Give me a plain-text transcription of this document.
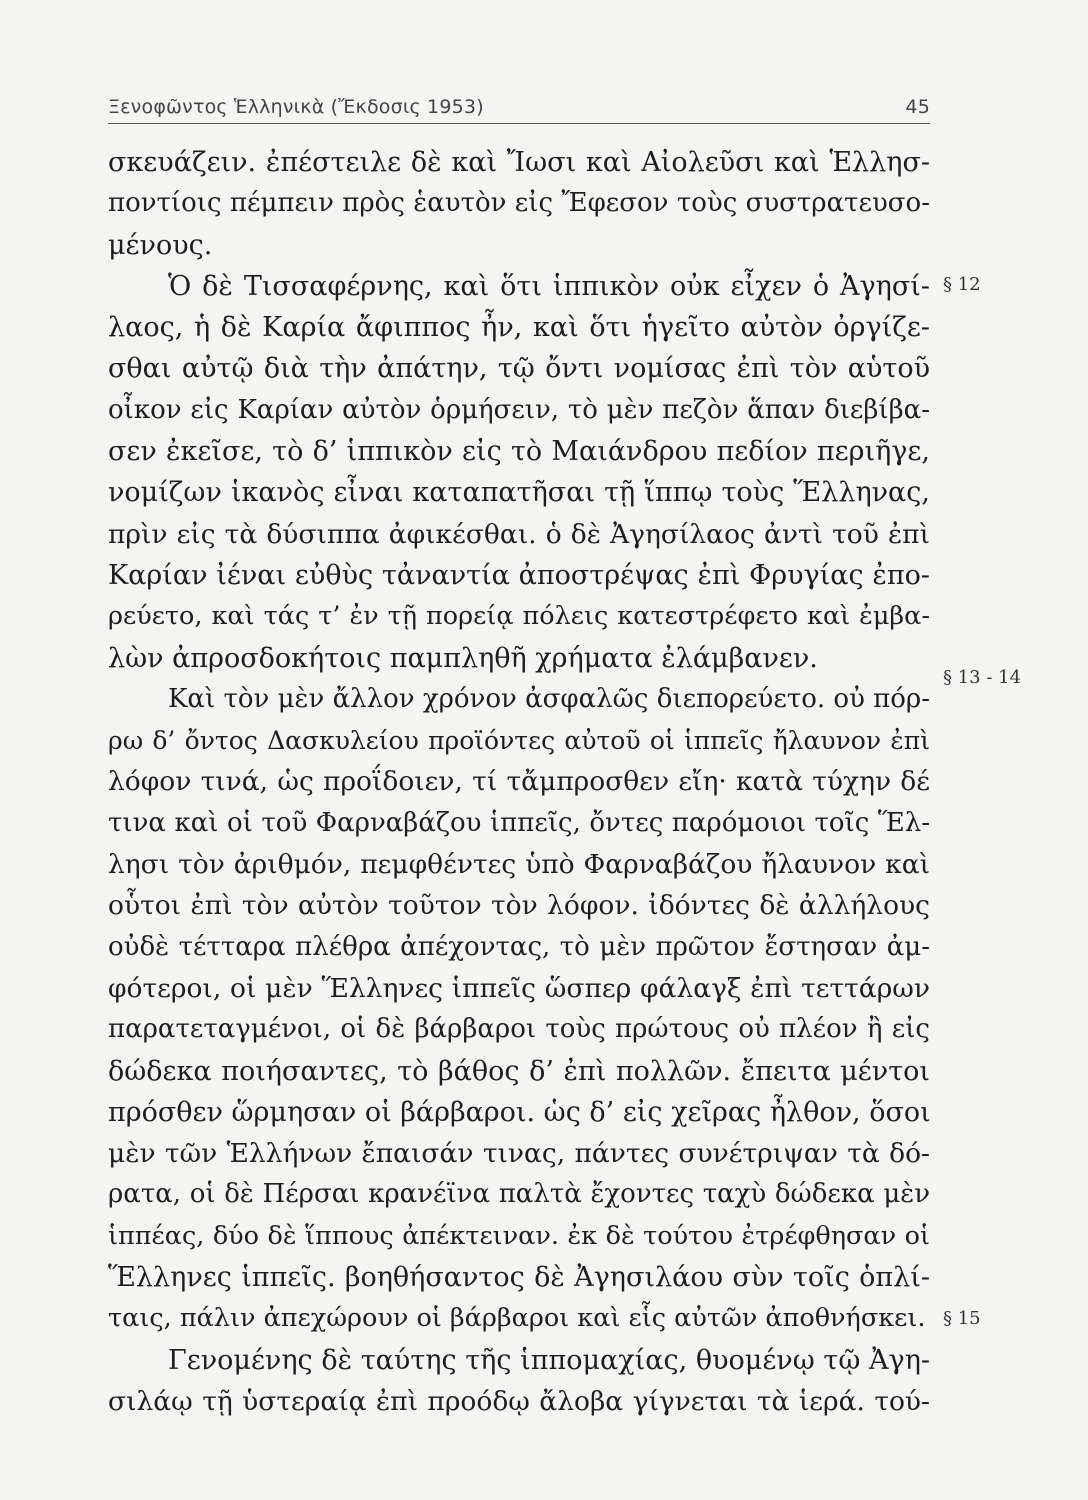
Ξενοφῶντος Ἑλληνικὰ (Ἔκδοσις 1953)	45
σκευάζειν. ἐπέστειλε δὲ καὶ Ἴωσι καὶ Αἰολεῦσι καὶ Ἑλλησ-
ποντίοις πέμπειν πρὸς ἑαυτὸν εἰς Ἔφεσον τοὺς συστρατευσο-
μένους.
Ὁ δὲ Τισσαφέρνης, καὶ ὅτι ἱππικὸν οὐκ εἶχεν ὁ Ἀγησί-
λαος, ἡ δὲ Καρία ἄφιππος ἦν, καὶ ὅτι ἡγεῖτο αὐτὸν ὀργίζε-
σθαι αὐτῷ διὰ τὴν ἀπάτην, τῷ ὄντι νομίσας ἐπὶ τὸν αὑτοῦ
οἶκον εἰς Καρίαν αὐτὸν ὁρμήσειν, τὸ μὲν πεζὸν ἅπαν διεβίβα-
σεν ἐκεῖσε, τὸ δ’ ἱππικὸν εἰς τὸ Μαιάνδρου πεδίον περιῆγε,
νομίζων ἱκανὸς εἶναι καταπατῆσαι τῇ ἵππῳ τοὺς Ἕλληνας,
πρὶν εἰς τὰ δύσιππα ἀφικέσθαι. ὁ δὲ Ἀγησίλαος ἀντὶ τοῦ ἐπὶ
Καρίαν ἰέναι εὐθὺς τἀναντία ἀποστρέψας ἐπὶ Φρυγίας ἐπο-
ρεύετο, καὶ τάς τ’ ἐν τῇ πορείᾳ πόλεις κατεστρέφετο καὶ ἐμβα-
λὼν ἀπροσδοκήτοις παμπληθῆ χρήματα ἐλάμβανεν.
Καὶ τὸν μὲν ἄλλον χρόνον ἀσφαλῶς διεπορεύετο. οὐ πόρ-
ρω δ’ ὄντος Δασκυλείου προϊόντες αὐτοῦ οἱ ἱππεῖς ἤλαυνον ἐπὶ
λόφον τινά, ὡς προΐδοιεν, τί τἄμπροσθεν εἴη· κατὰ τύχην δέ
τινα καὶ οἱ τοῦ Φαρναβάζου ἱππεῖς, ὄντες παρόμοιοι τοῖς Ἕλ-
λησι τὸν ἀριθμόν, πεμφθέντες ὑπὸ Φαρναβάζου ἤλαυνον καὶ
οὗτοι ἐπὶ τὸν αὐτὸν τοῦτον τὸν λόφον. ἰδόντες δὲ ἀλλήλους
οὐδὲ τέτταρα πλέθρα ἀπέχοντας, τὸ μὲν πρῶτον ἔστησαν ἀμ-
φότεροι, οἱ μὲν Ἕλληνες ἱππεῖς ὥσπερ φάλαγξ ἐπὶ τεττάρων
παρατεταγμένοι, οἱ δὲ βάρβαροι τοὺς πρώτους οὐ πλέον ἢ εἰς
δώδεκα ποιήσαντες, τὸ βάθος δ’ ἐπὶ πολλῶν. ἔπειτα μέντοι
πρόσθεν ὥρμησαν οἱ βάρβαροι. ὡς δ’ εἰς χεῖρας ἦλθον, ὅσοι
μὲν τῶν Ἑλλήνων ἔπαισάν τινας, πάντες συνέτριψαν τὰ δό-
ρατα, οἱ δὲ Πέρσαι κρανέϊνα παλτὰ ἔχοντες ταχὺ δώδεκα μὲν
ἱππέας, δύο δὲ ἵππους ἀπέκτειναν. ἐκ δὲ τούτου ἐτρέφθησαν οἱ
Ἕλληνες ἱππεῖς. βοηθήσαντος δὲ Ἀγησιλάου σὺν τοῖς ὁπλί-
ταις, πάλιν ἀπεχώρουν οἱ βάρβαροι καὶ εἷς αὐτῶν ἀποθνήσκει.
Γενομένης δὲ ταύτης τῆς ἱππομαχίας, θυομένῳ τῷ Ἀγη-
σιλάῳ τῇ ὑστεραίᾳ ἐπὶ προόδῳ ἄλοβα γίγνεται τὰ ἱερά. τού-
§ 12
§ 13 - 14
§ 15
